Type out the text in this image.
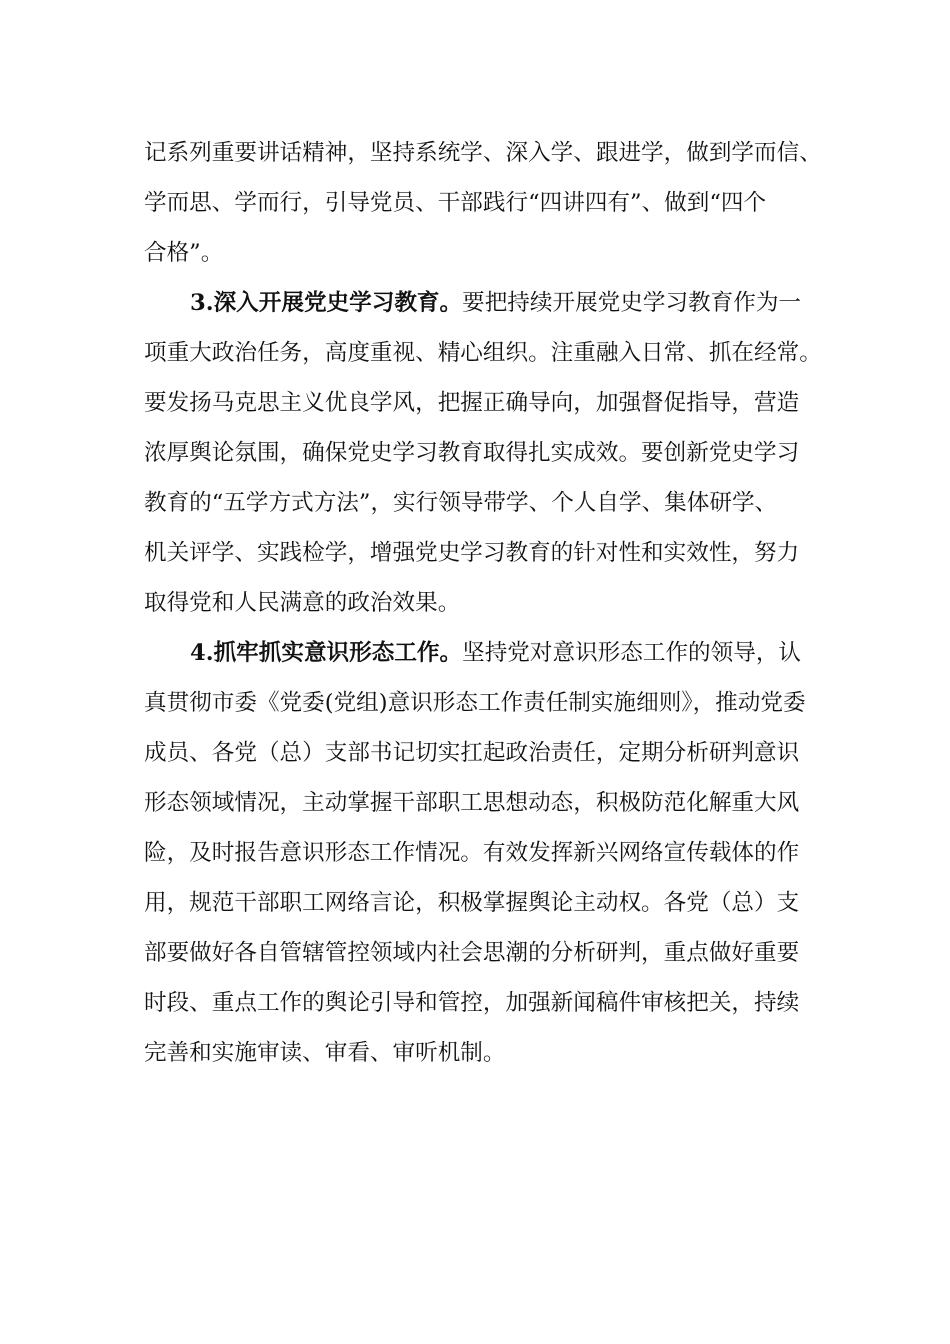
记系列重要讲话精神，坚持系统学、深入学、跟进学，做到学而信、
学而思、学而行，引导党员、干部践行“四讲四有”、做到“四个
合格”。
3.深入开展党史学习教育。要把持续开展党史学习教育作为一
项重大政治任务，高度重视、精心组织。注重融入日常、抓在经常。
要发扬马克思主义优良学风，把握正确导向，加强督促指导，营造
浓厚舆论氛围，确保党史学习教育取得扎实成效。要创新党史学习
教育的“五学方式方法”，实行领导带学、个人自学、集体研学、
机关评学、实践检学，增强党史学习教育的针对性和实效性，努力
取得党和人民满意的政治效果。
4.抓牢抓实意识形态工作。坚持党对意识形态工作的领导，认
真贯彻市委《党委(党组)意识形态工作责任制实施细则》，推动党委
成员、各党（总）支部书记切实扛起政治责任，定期分析研判意识
形态领域情况，主动掌握干部职工思想动态，积极防范化解重大风
险，及时报告意识形态工作情况。有效发挥新兴网络宣传载体的作
用，规范干部职工网络言论，积极掌握舆论主动权。各党（总）支
部要做好各自管辖管控领域内社会思潮的分析研判，重点做好重要
时段、重点工作的舆论引导和管控，加强新闻稿件审核把关，持续
完善和实施审读、审看、审听机制。
